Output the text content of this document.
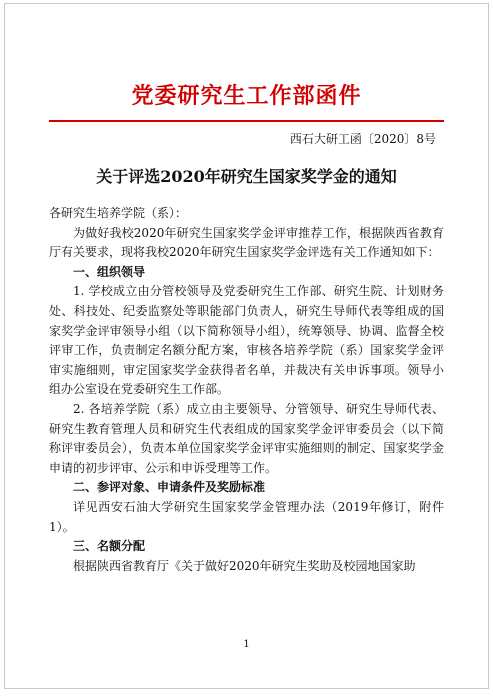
党委研究生工作部函件
西石大研工函〔2020〕8号
关于评选2020年研究生国家奖学金的通知

各研究生培养学院（系）：

为做好我校2020年研究生国家奖学金评审推荐工作，根据陕西省教育厅有关要求，现将我校2020年研究生国家奖学金评选有关工作通知如下：

一、组织领导

1. 学校成立由分管校领导及党委研究生工作部、研究生院、计划财务处、科技处、纪委监察处等职能部门负责人，研究生导师代表等组成的国家奖学金评审领导小组（以下简称领导小组），统筹领导、协调、监督全校评审工作，负责制定名额分配方案，审核各培养学院（系）国家奖学金评审实施细则，审定国家奖学金获得者名单，并裁决有关申诉事项。领导小组办公室设在党委研究生工作部。

2. 各培养学院（系）成立由主要领导、分管领导、研究生导师代表、研究生教育管理人员和研究生代表组成的国家奖学金评审委员会（以下简称评审委员会），负责本单位国家奖学金评审实施细则的制定、国家奖学金申请的初步评审、公示和申诉受理等工作。

二、参评对象、申请条件及奖励标准

详见西安石油大学研究生国家奖学金管理办法（2019年修订，附件1）。

三、名额分配

根据陕西省教育厅《关于做好2020年研究生奖助及校园地国家助

1
